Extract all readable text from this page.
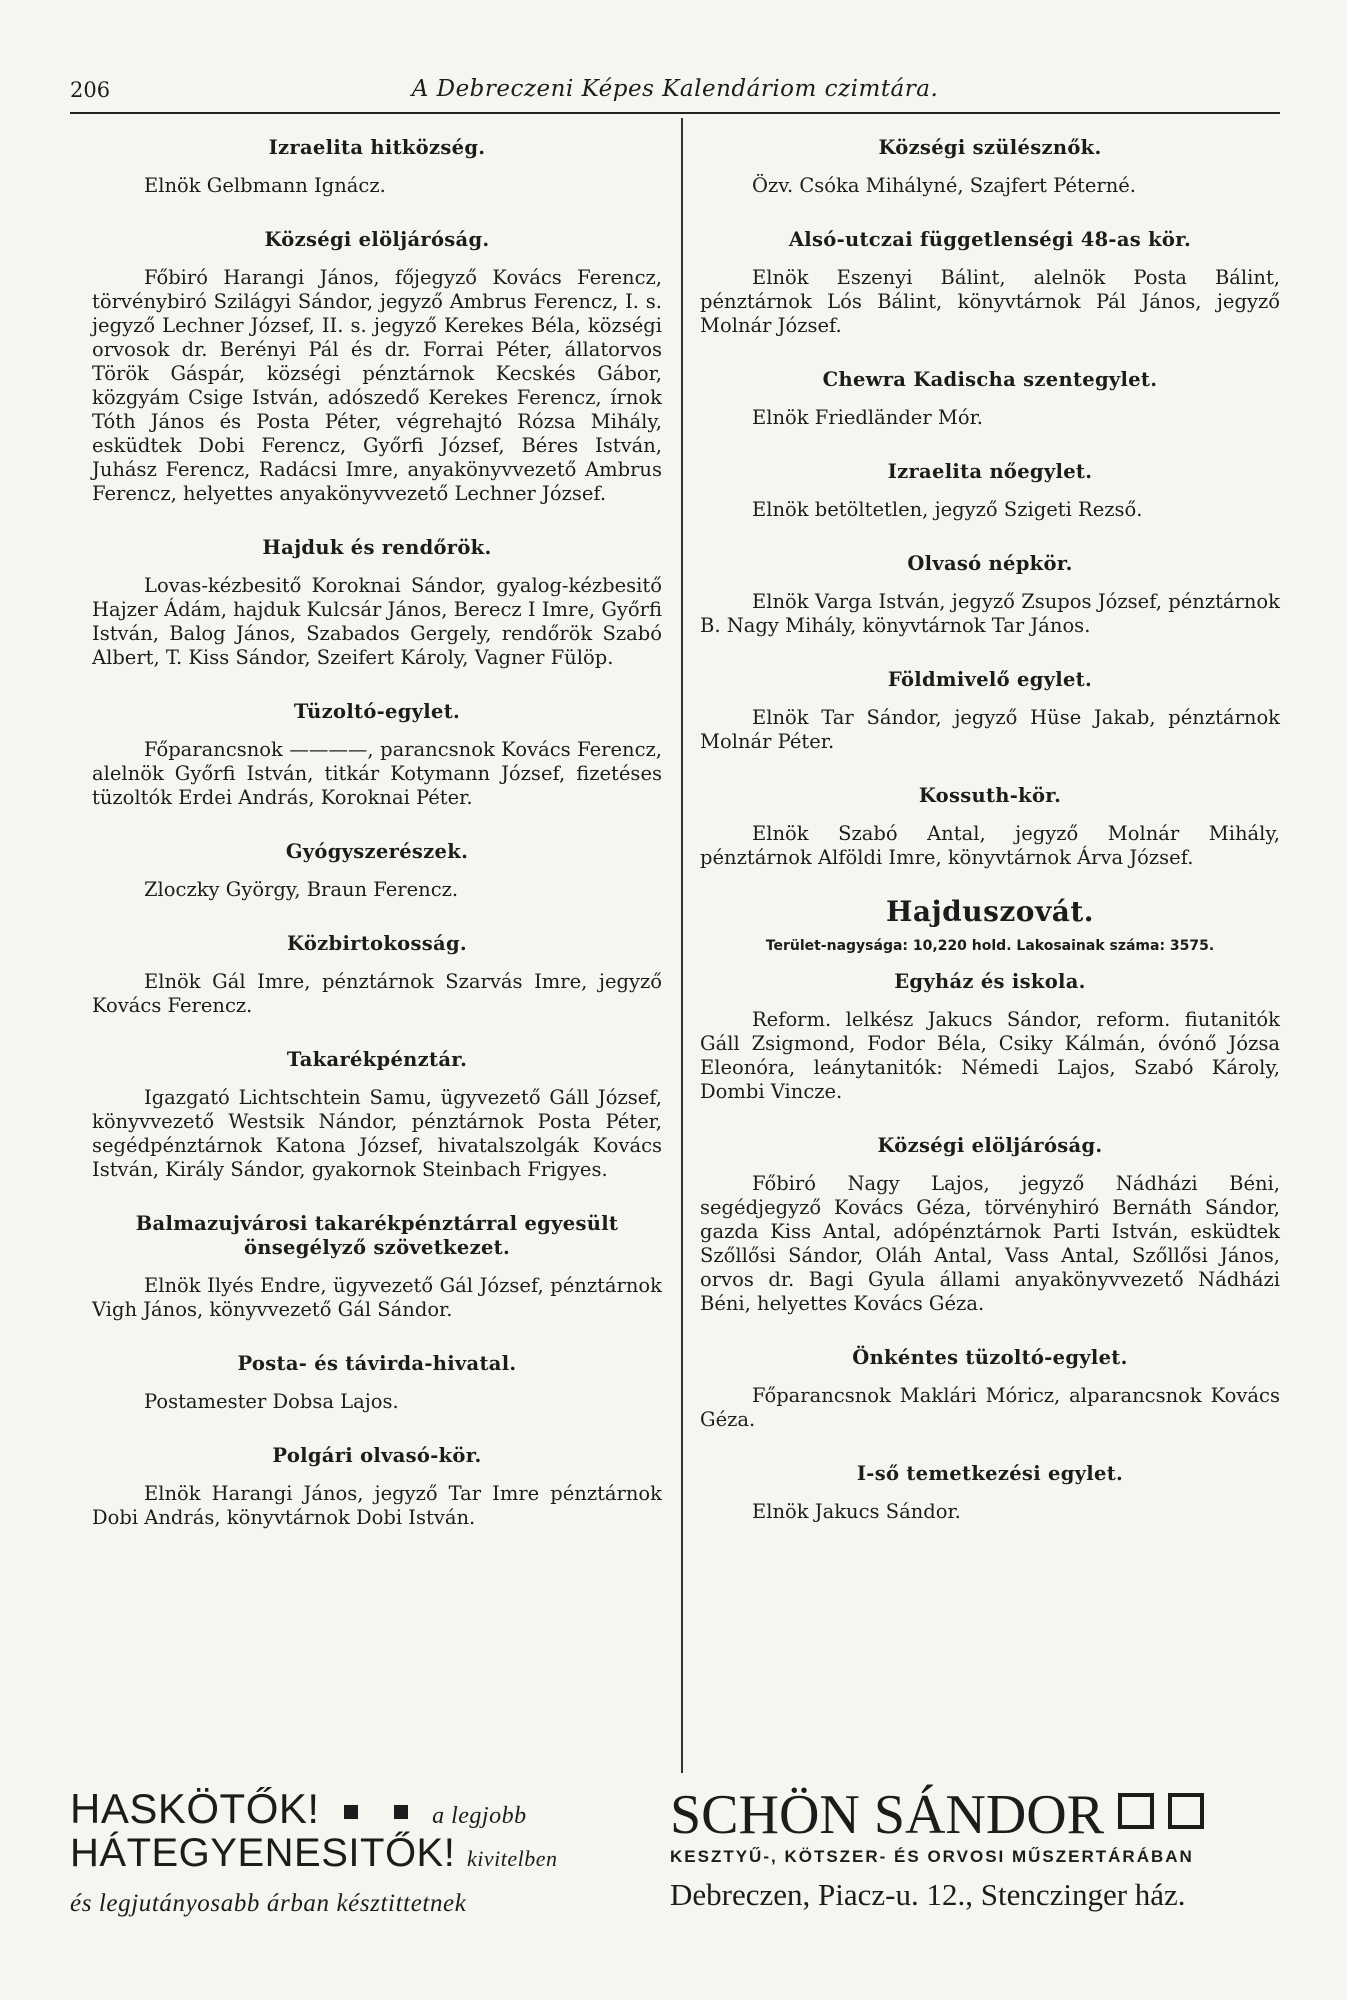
206	A Debreczeni Képes Kalendáriom czimtára.
Izraelita hitközség.

Elnök Gelbmann Ignácz.

Községi elöljáróság.

Főbiró Harangi János, főjegyző Kovács Ferencz, törvénybiró Szilágyi Sándor, jegyző Ambrus Ferencz, I. s. jegyző Lechner József, II. s. jegyző Kerekes Béla, községi orvosok dr. Berényi Pál és dr. Forrai Péter, állatorvos Török Gáspár, községi pénztárnok Kecskés Gábor, közgyám Csige István, adószedő Kerekes Ferencz, írnok Tóth János és Posta Péter, végrehajtó Rózsa Mihály, esküdtek Dobi Ferencz, Győrfi József, Béres István, Juhász Ferencz, Radácsi Imre, anyakönyvvezető Ambrus Ferencz, helyettes anyakönyvvezető Lechner József.

Hajduk és rendőrök.

Lovas-kézbesitő Koroknai Sándor, gyalog-kézbesitő Hajzer Ádám, hajduk Kulcsár János, Berecz I Imre, Győrfi István, Balog János, Szabados Gergely, rendőrök Szabó Albert, T. Kiss Sándor, Szeifert Károly, Vagner Fülöp.

Tüzoltó-egylet.

Főparancsnok ————, parancsnok Kovács Ferencz, alelnök Győrfi István, titkár Kotymann József, fizetéses tüzoltók Erdei András, Koroknai Péter.

Gyógyszerészek.

Zloczky György, Braun Ferencz.

Közbirtokosság.

Elnök Gál Imre, pénztárnok Szarvás Imre, jegyző Kovács Ferencz.

Takarékpénztár.

Igazgató Lichtschtein Samu, ügyvezető Gáll József, könyvvezető Westsik Nándor, pénztárnok Posta Péter, segédpénztárnok Katona József, hivatalszolgák Kovács István, Király Sándor, gyakornok Steinbach Frigyes.

Balmazujvárosi takarékpénztárral egyesült önsegélyző szövetkezet.

Elnök Ilyés Endre, ügyvezető Gál József, pénztárnok Vigh János, könyvvezető Gál Sándor.

Posta- és távirda-hivatal.

Postamester Dobsa Lajos.

Polgári olvasó-kör.

Elnök Harangi János, jegyző Tar Imre pénztárnok Dobi András, könyvtárnok Dobi István.

Községi szülésznők.

Özv. Csóka Mihályné, Szajfert Péterné.

Alsó-utczai függetlenségi 48-as kör.

Elnök Eszenyi Bálint, alelnök Posta Bálint, pénztárnok Lós Bálint, könyvtárnok Pál János, jegyző Molnár József.

Chewra Kadischa szentegylet.

Elnök Friedländer Mór.

Izraelita nőegylet.

Elnök betöltetlen, jegyző Szigeti Rezső.

Olvasó népkör.

Elnök Varga István, jegyző Zsupos József, pénztárnok B. Nagy Mihály, könyvtárnok Tar János.

Földmivelő egylet.

Elnök Tar Sándor, jegyző Hüse Jakab, pénztárnok Molnár Péter.

Kossuth-kör.

Elnök Szabó Antal, jegyző Molnár Mihály, pénztárnok Alföldi Imre, könyvtárnok Árva József.

Hajduszovát.
Terület-nagysága: 10,220 hold. Lakosainak száma: 3575.
Egyház és iskola.

Reform. lelkész Jakucs Sándor, reform. fiutanitók Gáll Zsigmond, Fodor Béla, Csiky Kálmán, óvónő Józsa Eleonóra, leánytanitók: Némedi Lajos, Szabó Károly, Dombi Vincze.

Községi elöljáróság.

Főbiró Nagy Lajos, jegyző Nádházi Béni, segédjegyző Kovács Géza, törvényhiró Bernáth Sándor, gazda Kiss Antal, adópénztárnok Parti István, esküdtek Szőllősi Sándor, Oláh Antal, Vass Antal, Szőllősi János, orvos dr. Bagi Gyula állami anyakönyvvezető Nádházi Béni, helyettes Kovács Géza.

Önkéntes tüzoltó-egylet.

Főparancsnok Maklári Móricz, alparancsnok Kovács Géza.

I-ső temetkezési egylet.

Elnök Jakucs Sándor.

HASKÖTŐK!	a legjobb
HÁTEGYENESITŐK! kivitelben
és legjutányosabb árban késztittetnek
SCHÖN SÁNDOR
KESZTYŰ-, KÖTSZER- ÉS ORVOSI MŰSZERTÁRÁBAN
Debreczen, Piacz-u. 12., Stenczinger ház.
